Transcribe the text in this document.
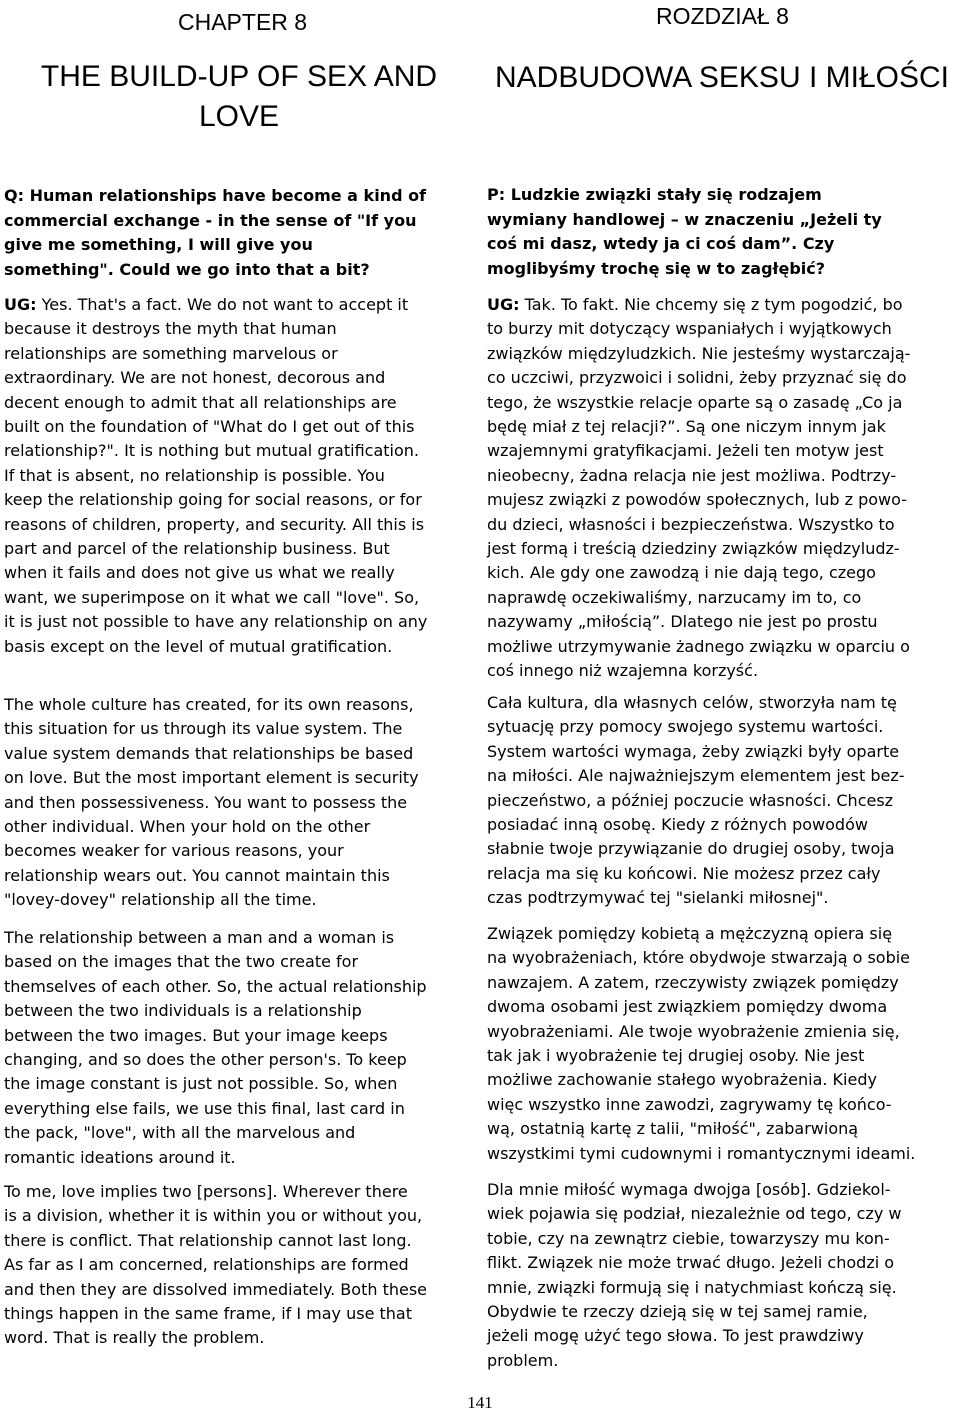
CHAPTER 8
THE BUILD-UP OF SEX AND
LOVE

Q: Human relationships have become a kind of
commercial exchange - in the sense of "If you
give me something, I will give you
something". Could we go into that a bit?

UG: Yes. That's a fact. We do not want to accept it
because it destroys the myth that human
relationships are something marvelous or
extraordinary. We are not honest, decorous and
decent enough to admit that all relationships are
built on the foundation of "What do I get out of this
relationship?". It is nothing but mutual gratification.
If that is absent, no relationship is possible. You
keep the relationship going for social reasons, or for
reasons of children, property, and security. All this is
part and parcel of the relationship business. But
when it fails and does not give us what we really
want, we superimpose on it what we call "love". So,
it is just not possible to have any relationship on any
basis except on the level of mutual gratification.

The whole culture has created, for its own reasons,
this situation for us through its value system. The
value system demands that relationships be based
on love. But the most important element is security
and then possessiveness. You want to possess the
other individual. When your hold on the other
becomes weaker for various reasons, your
relationship wears out. You cannot maintain this
"lovey-dovey" relationship all the time.

The relationship between a man and a woman is
based on the images that the two create for
themselves of each other. So, the actual relationship
between the two individuals is a relationship
between the two images. But your image keeps
changing, and so does the other person's. To keep
the image constant is just not possible. So, when
everything else fails, we use this final, last card in
the pack, "love", with all the marvelous and
romantic ideations around it.

To me, love implies two [persons]. Wherever there
is a division, whether it is within you or without you,
there is conflict. That relationship cannot last long.
As far as I am concerned, relationships are formed
and then they are dissolved immediately. Both these
things happen in the same frame, if I may use that
word. That is really the problem.

ROZDZIAŁ 8
NADBUDOWA SEKSU I MIŁOŚCI

P: Ludzkie związki stały się rodzajem
wymiany handlowej – w znaczeniu „Jeżeli ty
coś mi dasz, wtedy ja ci coś dam”. Czy
moglibyśmy trochę się w to zagłębić?

UG: Tak. To fakt. Nie chcemy się z tym pogodzić, bo
to burzy mit dotyczący wspaniałych i wyjątkowych
związków międzyludzkich. Nie jesteśmy wystarczają-
co uczciwi, przyzwoici i solidni, żeby przyznać się do
tego, że wszystkie relacje oparte są o zasadę „Co ja
będę miał z tej relacji?”. Są one niczym innym jak
wzajemnymi gratyfikacjami. Jeżeli ten motyw jest
nieobecny, żadna relacja nie jest możliwa. Podtrzy-
mujesz związki z powodów społecznych, lub z powo-
du dzieci, własności i bezpieczeństwa. Wszystko to
jest formą i treścią dziedziny związków międzyludz-
kich. Ale gdy one zawodzą i nie dają tego, czego
naprawdę oczekiwaliśmy, narzucamy im to, co
nazywamy „miłością”. Dlatego nie jest po prostu
możliwe utrzymywanie żadnego związku w oparciu o
coś innego niż wzajemna korzyść.

Cała kultura, dla własnych celów, stworzyła nam tę
sytuację przy pomocy swojego systemu wartości.
System wartości wymaga, żeby związki były oparte
na miłości. Ale najważniejszym elementem jest bez-
pieczeństwo, a później poczucie własności. Chcesz
posiadać inną osobę. Kiedy z różnych powodów
słabnie twoje przywiązanie do drugiej osoby, twoja
relacja ma się ku końcowi. Nie możesz przez cały
czas podtrzymywać tej "sielanki miłosnej".

Związek pomiędzy kobietą a mężczyzną opiera się
na wyobrażeniach, które obydwoje stwarzają o sobie
nawzajem. A zatem, rzeczywisty związek pomiędzy
dwoma osobami jest związkiem pomiędzy dwoma
wyobrażeniami. Ale twoje wyobrażenie zmienia się,
tak jak i wyobrażenie tej drugiej osoby. Nie jest
możliwe zachowanie stałego wyobrażenia. Kiedy
więc wszystko inne zawodzi, zagrywamy tę końco-
wą, ostatnią kartę z talii, "miłość", zabarwioną
wszystkimi tymi cudownymi i romantycznymi ideami.

Dla mnie miłość wymaga dwojga [osób]. Gdziekol-
wiek pojawia się podział, niezależnie od tego, czy w
tobie, czy na zewnątrz ciebie, towarzyszy mu kon-
flikt. Związek nie może trwać długo. Jeżeli chodzi o
mnie, związki formują się i natychmiast kończą się.
Obydwie te rzeczy dzieją się w tej samej ramie,
jeżeli mogę użyć tego słowa. To jest prawdziwy
problem.

141
